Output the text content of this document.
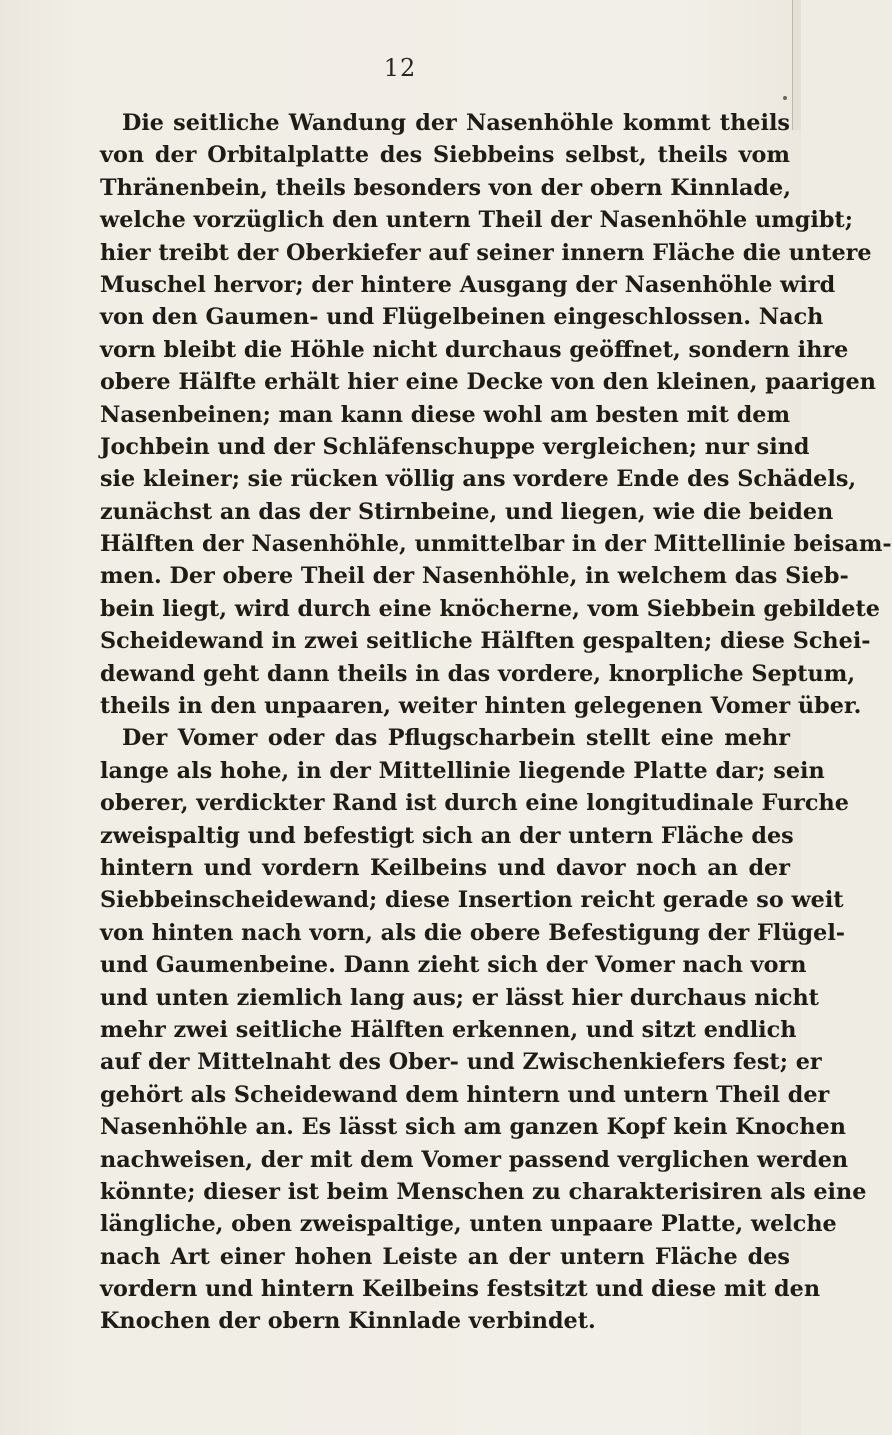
12
Die seitliche Wandung der Nasenhöhle kommt theils
von der Orbitalplatte des Siebbeins selbst, theils vom
Thränenbein, theils besonders von der obern Kinnlade,
welche vorzüglich den untern Theil der Nasenhöhle umgibt;
hier treibt der Oberkiefer auf seiner innern Fläche die untere
Muschel hervor; der hintere Ausgang der Nasenhöhle wird
von den Gaumen- und Flügelbeinen eingeschlossen. Nach
vorn bleibt die Höhle nicht durchaus geöffnet, sondern ihre
obere Hälfte erhält hier eine Decke von den kleinen, paarigen
Nasenbeinen; man kann diese wohl am besten mit dem
Jochbein und der Schläfenschuppe vergleichen; nur sind
sie kleiner; sie rücken völlig ans vordere Ende des Schädels,
zunächst an das der Stirnbeine, und liegen, wie die beiden
Hälften der Nasenhöhle, unmittelbar in der Mittellinie beisam-
men. Der obere Theil der Nasenhöhle, in welchem das Sieb-
bein liegt, wird durch eine knöcherne, vom Siebbein gebildete
Scheidewand in zwei seitliche Hälften gespalten; diese Schei-
dewand geht dann theils in das vordere, knorpliche Septum,
theils in den unpaaren, weiter hinten gelegenen Vomer über.
Der Vomer oder das Pflugscharbein stellt eine mehr
lange als hohe, in der Mittellinie liegende Platte dar; sein
oberer, verdickter Rand ist durch eine longitudinale Furche
zweispaltig und befestigt sich an der untern Fläche des
hintern und vordern Keilbeins und davor noch an der
Siebbeinscheidewand; diese Insertion reicht gerade so weit
von hinten nach vorn, als die obere Befestigung der Flügel-
und Gaumenbeine. Dann zieht sich der Vomer nach vorn
und unten ziemlich lang aus; er lässt hier durchaus nicht
mehr zwei seitliche Hälften erkennen, und sitzt endlich
auf der Mittelnaht des Ober- und Zwischenkiefers fest; er
gehört als Scheidewand dem hintern und untern Theil der
Nasenhöhle an. Es lässt sich am ganzen Kopf kein Knochen
nachweisen, der mit dem Vomer passend verglichen werden
könnte; dieser ist beim Menschen zu charakterisiren als eine
längliche, oben zweispaltige, unten unpaare Platte, welche
nach Art einer hohen Leiste an der untern Fläche des
vordern und hintern Keilbeins festsitzt und diese mit den
Knochen der obern Kinnlade verbindet.
